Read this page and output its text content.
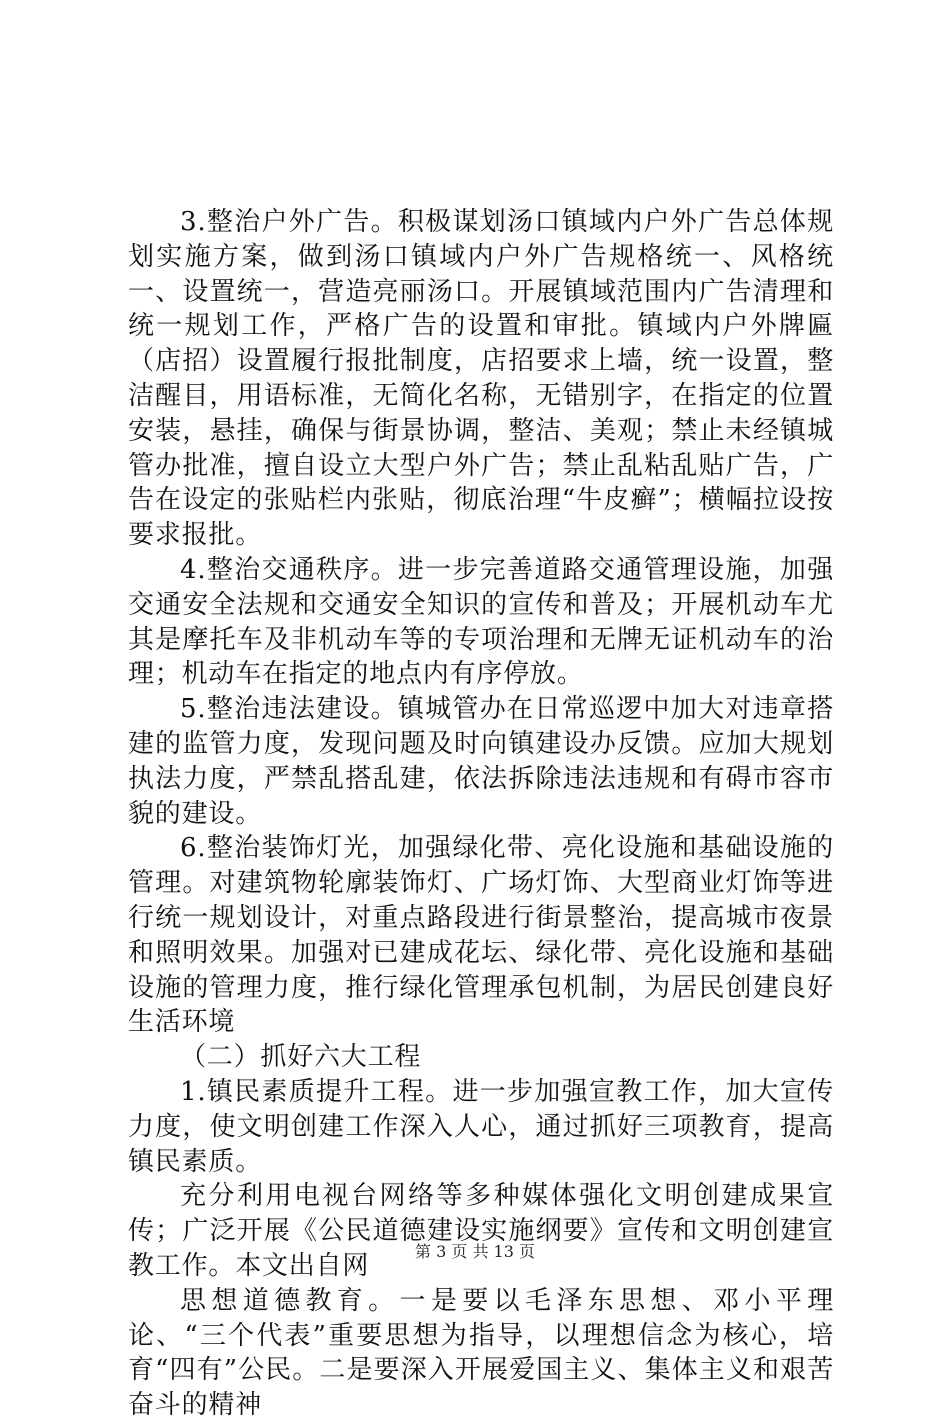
3.整治户外广告。积极谋划汤口镇域内户外广告总体规划实施方案，做到汤口镇域内户外广告规格统一、风格统一、设置统一，营造亮丽汤口。开展镇域范围内广告清理和统一规划工作，严格广告的设置和审批。镇域内户外牌匾（店招）设置履行报批制度，店招要求上墙，统一设置，整洁醒目，用语标准，无简化名称，无错别字，在指定的位置安装，悬挂，确保与街景协调，整洁、美观；禁止未经镇城管办批准，擅自设立大型户外广告；禁止乱粘乱贴广告，广告在设定的张贴栏内张贴，彻底治理“牛皮癣”；横幅拉设按要求报批。

4.整治交通秩序。进一步完善道路交通管理设施，加强交通安全法规和交通安全知识的宣传和普及；开展机动车尤其是摩托车及非机动车等的专项治理和无牌无证机动车的治理；机动车在指定的地点内有序停放。

5.整治违法建设。镇城管办在日常巡逻中加大对违章搭建的监管力度，发现问题及时向镇建设办反馈。应加大规划执法力度，严禁乱搭乱建，依法拆除违法违规和有碍市容市貌的建设。

6.整治装饰灯光，加强绿化带、亮化设施和基础设施的管理。对建筑物轮廓装饰灯、广场灯饰、大型商业灯饰等进行统一规划设计，对重点路段进行街景整治，提高城市夜景和照明效果。加强对已建成花坛、绿化带、亮化设施和基础设施的管理力度，推行绿化管理承包机制，为居民创建良好生活环境

（二）抓好六大工程

1.镇民素质提升工程。进一步加强宣教工作，加大宣传力度，使文明创建工作深入人心，通过抓好三项教育，提高镇民素质。

充分利用电视台网络等多种媒体强化文明创建成果宣传；广泛开展《公民道德建设实施纲要》宣传和文明创建宣教工作。本文出自网

思想道德教育。一是要以毛泽东思想、邓小平理论、“三个代表”重要思想为指导，以理想信念为核心，培育“四有”公民。二是要深入开展爱国主义、集体主义和艰苦奋斗的精神

第 3 页 共 13 页
